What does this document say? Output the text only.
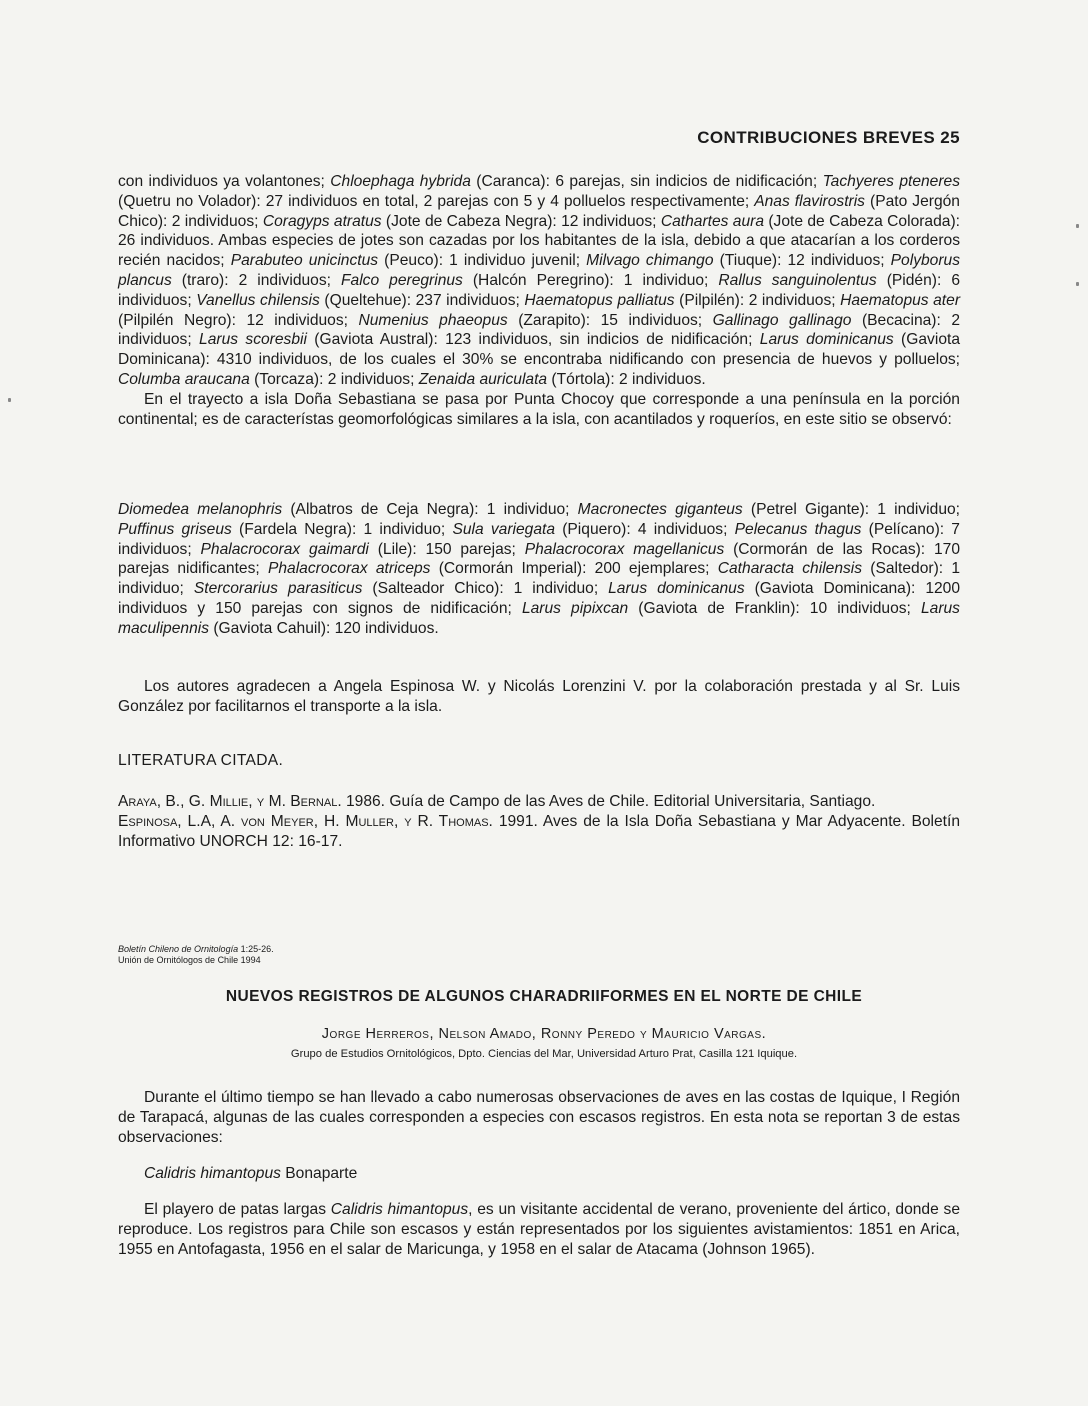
CONTRIBUCIONES BREVES 25

con individuos ya volantones; Chloephaga hybrida (Caranca): 6 parejas, sin indicios de nidificación; Tachyeres pteneres (Quetru no Volador): 27 individuos en total, 2 parejas con 5 y 4 polluelos respectivamente; Anas flavirostris (Pato Jergón Chico): 2 individuos; Coragyps atratus (Jote de Cabeza Negra): 12 individuos; Cathartes aura (Jote de Cabeza Colorada): 26 individuos. Ambas especies de jotes son cazadas por los habitantes de la isla, debido a que atacarían a los corderos recién nacidos; Parabuteo unicinctus (Peuco): 1 individuo juvenil; Milvago chimango (Tiuque): 12 individuos; Polyborus plancus (traro): 2 individuos; Falco peregrinus (Halcón Peregrino): 1 individuo; Rallus sanguinolentus (Pidén): 6 individuos; Vanellus chilensis (Queltehue): 237 individuos; Haematopus palliatus (Pilpilén): 2 individuos; Haematopus ater (Pilpilén Negro): 12 individuos; Numenius phaeopus (Zarapito): 15 individuos; Gallinago gallinago (Becacina): 2 individuos; Larus scoresbii (Gaviota Austral): 123 individuos, sin indicios de nidificación; Larus dominicanus (Gaviota Dominicana): 4310 individuos, de los cuales el 30% se encontraba nidificando con presencia de huevos y polluelos; Columba araucana (Torcaza): 2 individuos; Zenaida auriculata (Tórtola): 2 individuos.

En el trayecto a isla Doña Sebastiana se pasa por Punta Chocoy que corresponde a una península en la porción continental; es de característas geomorfológicas similares a la isla, con acantilados y roqueríos, en este sitio se observó:

Diomedea melanophris (Albatros de Ceja Negra): 1 individuo; Macronectes giganteus (Petrel Gigante): 1 individuo; Puffinus griseus (Fardela Negra): 1 individuo; Sula variegata (Piquero): 4 individuos; Pelecanus thagus (Pelícano): 7 individuos; Phalacrocorax gaimardi (Lile): 150 parejas; Phalacrocorax magellanicus (Cormorán de las Rocas): 170 parejas nidificantes; Phalacrocorax atriceps (Cormorán Imperial): 200 ejemplares; Catharacta chilensis (Saltedor): 1 individuo; Stercorarius parasiticus (Salteador Chico): 1 individuo; Larus dominicanus (Gaviota Dominicana): 1200 individuos y 150 parejas con signos de nidificación; Larus pipixcan (Gaviota de Franklin): 10 individuos; Larus maculipennis (Gaviota Cahuil): 120 individuos.

Los autores agradecen a Angela Espinosa W. y Nicolás Lorenzini V. por la colaboración prestada y al Sr. Luis González por facilitarnos el transporte a la isla.

LITERATURA CITADA.

Araya, B., G. Millie, y M. Bernal. 1986. Guía de Campo de las Aves de Chile. Editorial Universitaria, Santiago.

Espinosa, L.A, A. von Meyer, H. Muller, y R. Thomas. 1991. Aves de la Isla Doña Sebastiana y Mar Adyacente. Boletín Informativo UNORCH 12: 16-17.

Boletín Chileno de Ornitología 1:25-26.
Unión de Ornitólogos de Chile 1994
NUEVOS REGISTROS DE ALGUNOS CHARADRIIFORMES EN EL NORTE DE CHILE
Jorge Herreros, Nelson Amado, Ronny Peredo y Mauricio Vargas.
Grupo de Estudios Ornitológicos, Dpto. Ciencias del Mar, Universidad Arturo Prat, Casilla 121 Iquique.

Durante el último tiempo se han llevado a cabo numerosas observaciones de aves en las costas de Iquique, I Región de Tarapacá, algunas de las cuales corresponden a especies con escasos registros. En esta nota se reportan 3 de estas observaciones:

Calidris himantopus Bonaparte

El playero de patas largas Calidris himantopus, es un visitante accidental de verano, proveniente del ártico, donde se reproduce. Los registros para Chile son escasos y están representados por los siguientes avistamientos: 1851 en Arica, 1955 en Antofagasta, 1956 en el salar de Maricunga, y 1958 en el salar de Atacama (Johnson 1965).
